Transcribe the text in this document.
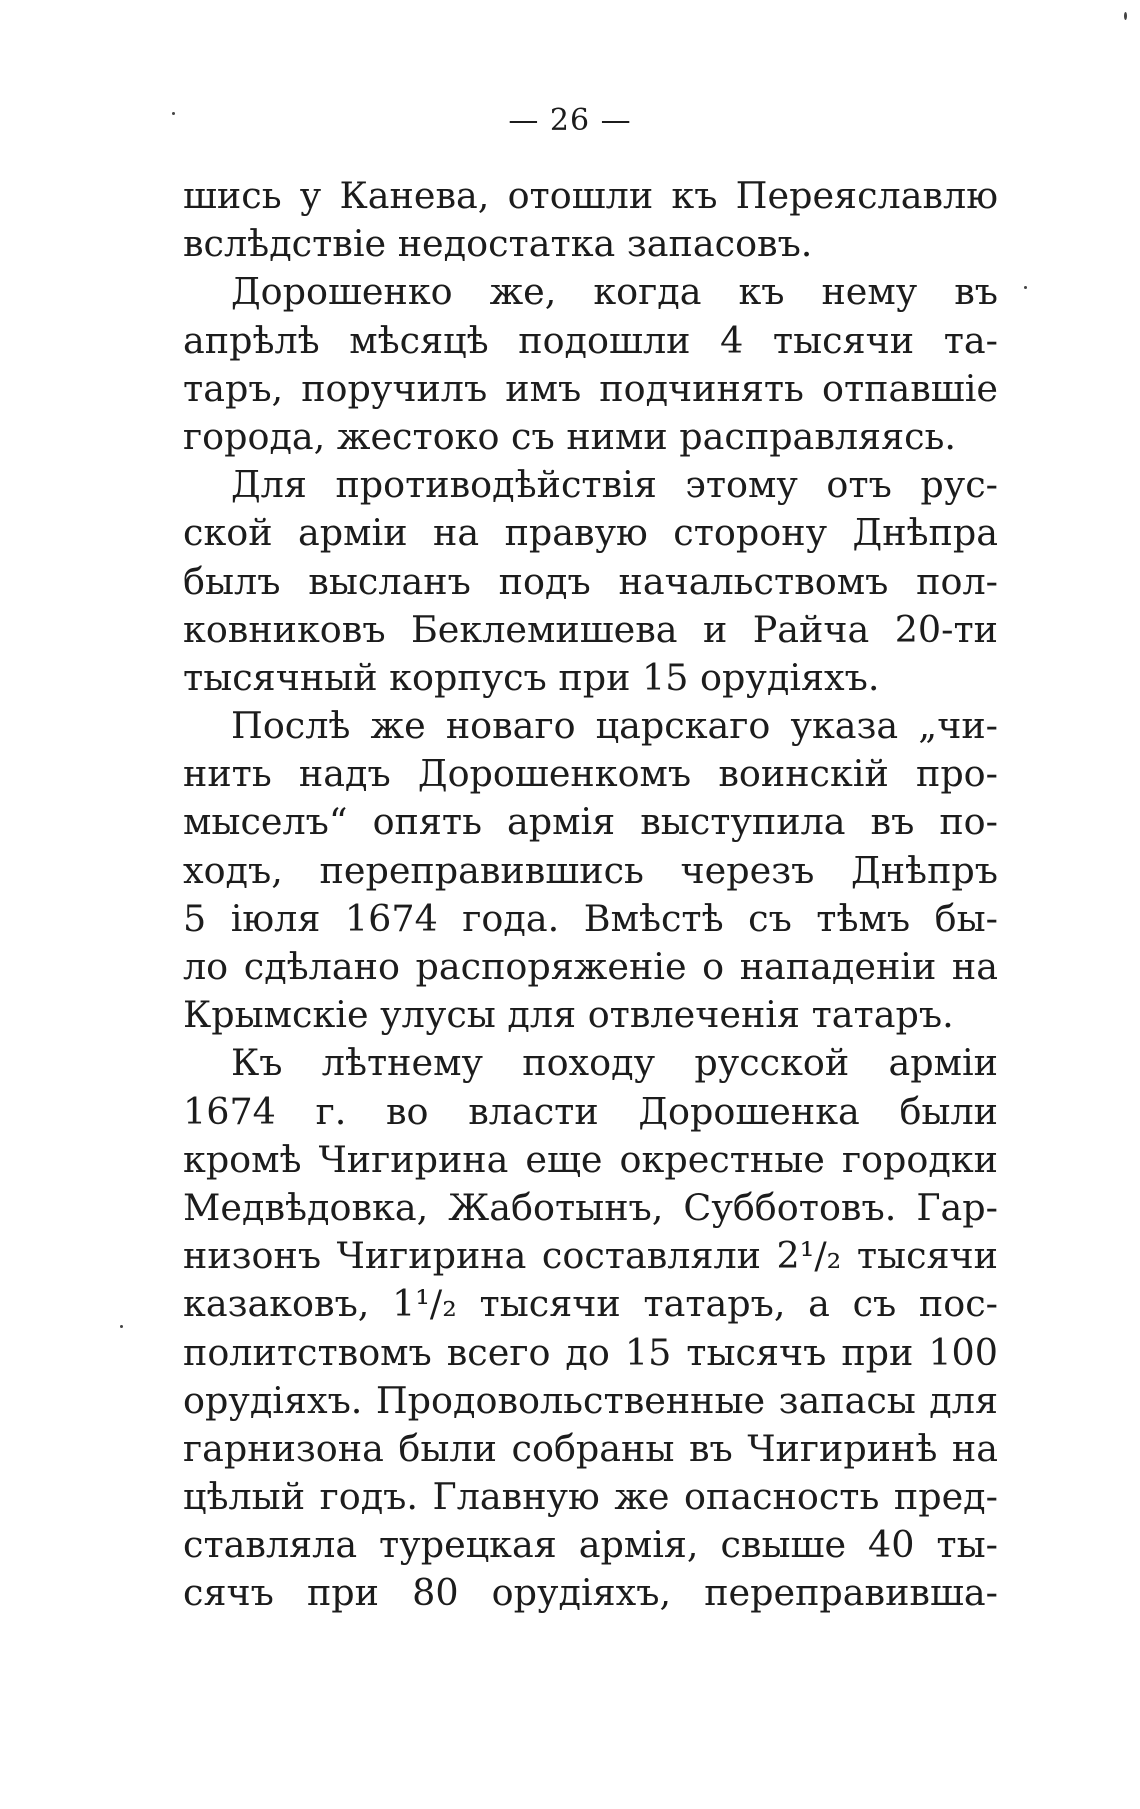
— 26 —
шись у Канева, отошли къ Переяславлю
вслѣдствіе недостатка запасовъ.
Дорошенко же, когда къ нему въ
апрѣлѣ мѣсяцѣ подошли 4 тысячи та-
таръ, поручилъ имъ подчинять отпавшіе
города, жестоко съ ними расправляясь.
Для противодѣйствія этому отъ рус-
ской арміи на правую сторону Днѣпра
былъ высланъ подъ начальствомъ пол-
ковниковъ Беклемишева и Райча 20-ти
тысячный корпусъ при 15 орудіяхъ.
Послѣ же новаго царскаго указа „чи-
нить надъ Дорошенкомъ воинскій про-
мыселъ“ опять армія выступила въ по-
ходъ, переправившись черезъ Днѣпръ
5 іюля 1674 года. Вмѣстѣ съ тѣмъ бы-
ло сдѣлано распоряженіе о нападеніи на
Крымскіе улусы для отвлеченія татаръ.
Къ лѣтнему походу русской арміи
1674 г. во власти Дорошенка были
кромѣ Чигирина еще окрестные городки
Медвѣдовка, Жаботынъ, Субботовъ. Гар-
низонъ Чигирина составляли 2¹/₂ тысячи
казаковъ, 1¹/₂ тысячи татаръ, а съ пос-
политствомъ всего до 15 тысячъ при 100
орудіяхъ. Продовольственные запасы для
гарнизона были собраны въ Чигиринѣ на
цѣлый годъ. Главную же опасность пред-
ставляла турецкая армія, свыше 40 ты-
сячъ при 80 орудіяхъ, переправивша-
